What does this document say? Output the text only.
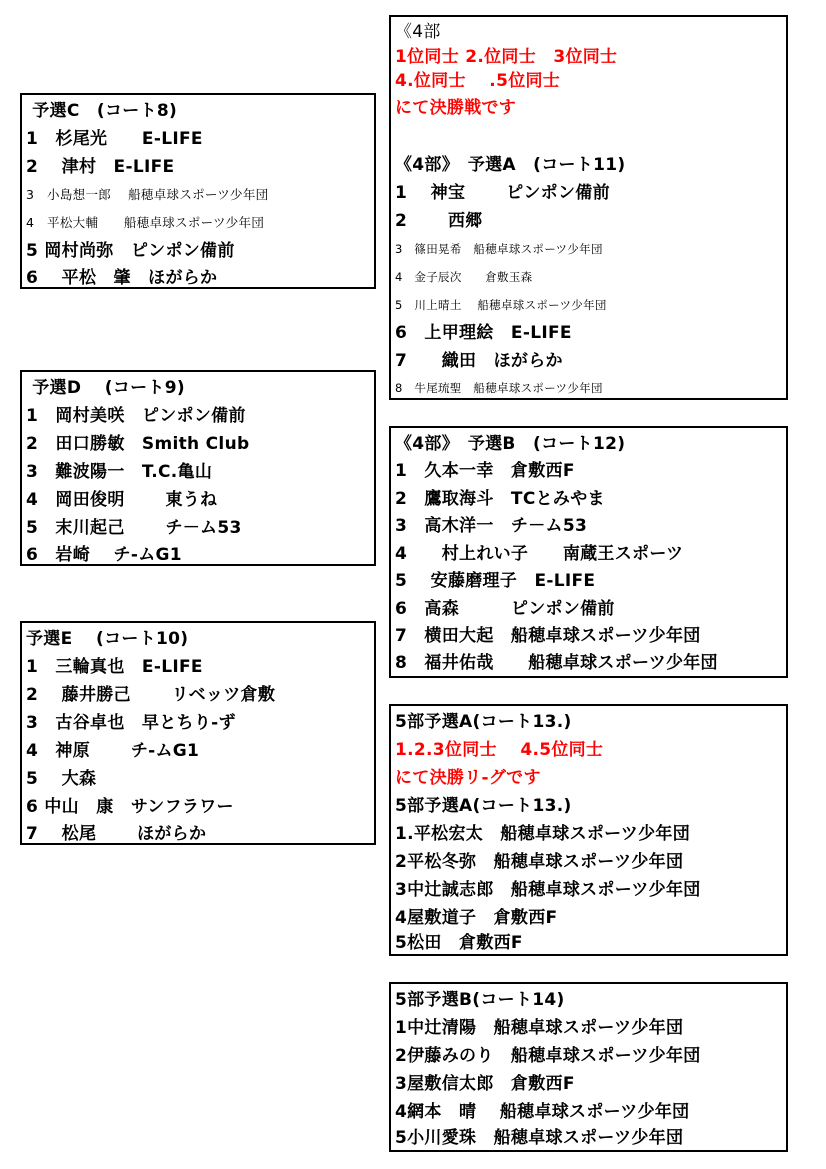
予選C　(コート8)
1　杉尾光　　E-LIFE
2　 津村　E-LIFE
3　小島想一郎　 船穂卓球スポーツ少年団
4　平松大輔　　船穂卓球スポーツ少年団
5 岡村尚弥　ピンポン備前
6　 平松　肇　ほがらか
予選D　 (コート9)
1　岡村美咲　ピンポン備前
2　田口勝敏　Smith Club
3　難波陽一　T.C.亀山
4　岡田俊明　　 東うね
5　末川起己　　 チ－ム53
6　岩崎　 チ-ムG1
予選E　 (コート10)
1　三輪真也　E-LIFE
2　 藤井勝己　　 リベッツ倉敷
3　古谷卓也　早とちり-ず
4　神原　　 チ-ムG1
5　 大森
6 中山　康　サンフラワー
7　 松尾　　 ほがらか
《4部
1位同士 2.位同士　3位同士
4.位同士　 .5位同士
にて決勝戦です
《4部》　予選A　(コート11)
1　 神宝　　 ピンポン備前
2　　 西郷
3　篠田晃希　船穂卓球スポーツ少年団
4　金子辰次　　倉敷玉森
5　川上晴土　 船穂卓球スポーツ少年団
6　上甲理絵　E-LIFE
7　　織田　ほがらか
8　牛尾琉聖　船穂卓球スポーツ少年団
《4部》　予選B　(コート12)
1　久本一幸　倉敷西F
2　鷹取海斗　TCとみやま
3　高木洋一　チ－ム53
4　　村上れい子　　南蔵王スポーツ
5　 安藤磨理子　E-LIFE
6　高森　　　ピンポン備前
7　横田大起　船穂卓球スポーツ少年団
8　福井佑哉　　船穂卓球スポーツ少年団
5部予選A(コート13.)
1.2.3位同士　 4.5位同士
にて決勝リ-グです
5部予選A(コート13.)
1.平松宏太　船穂卓球スポーツ少年団
2平松冬弥　船穂卓球スポーツ少年団
3中辻誠志郎　船穂卓球スポーツ少年団
4屋敷道子　倉敷西F
5松田　倉敷西F
5部予選B(コート14)
1中辻清陽　船穂卓球スポーツ少年団
2伊藤みのり　船穂卓球スポーツ少年団
3屋敷信太郎　倉敷西F
4網本　晴　 船穂卓球スポーツ少年団
5小川愛珠　船穂卓球スポーツ少年団
